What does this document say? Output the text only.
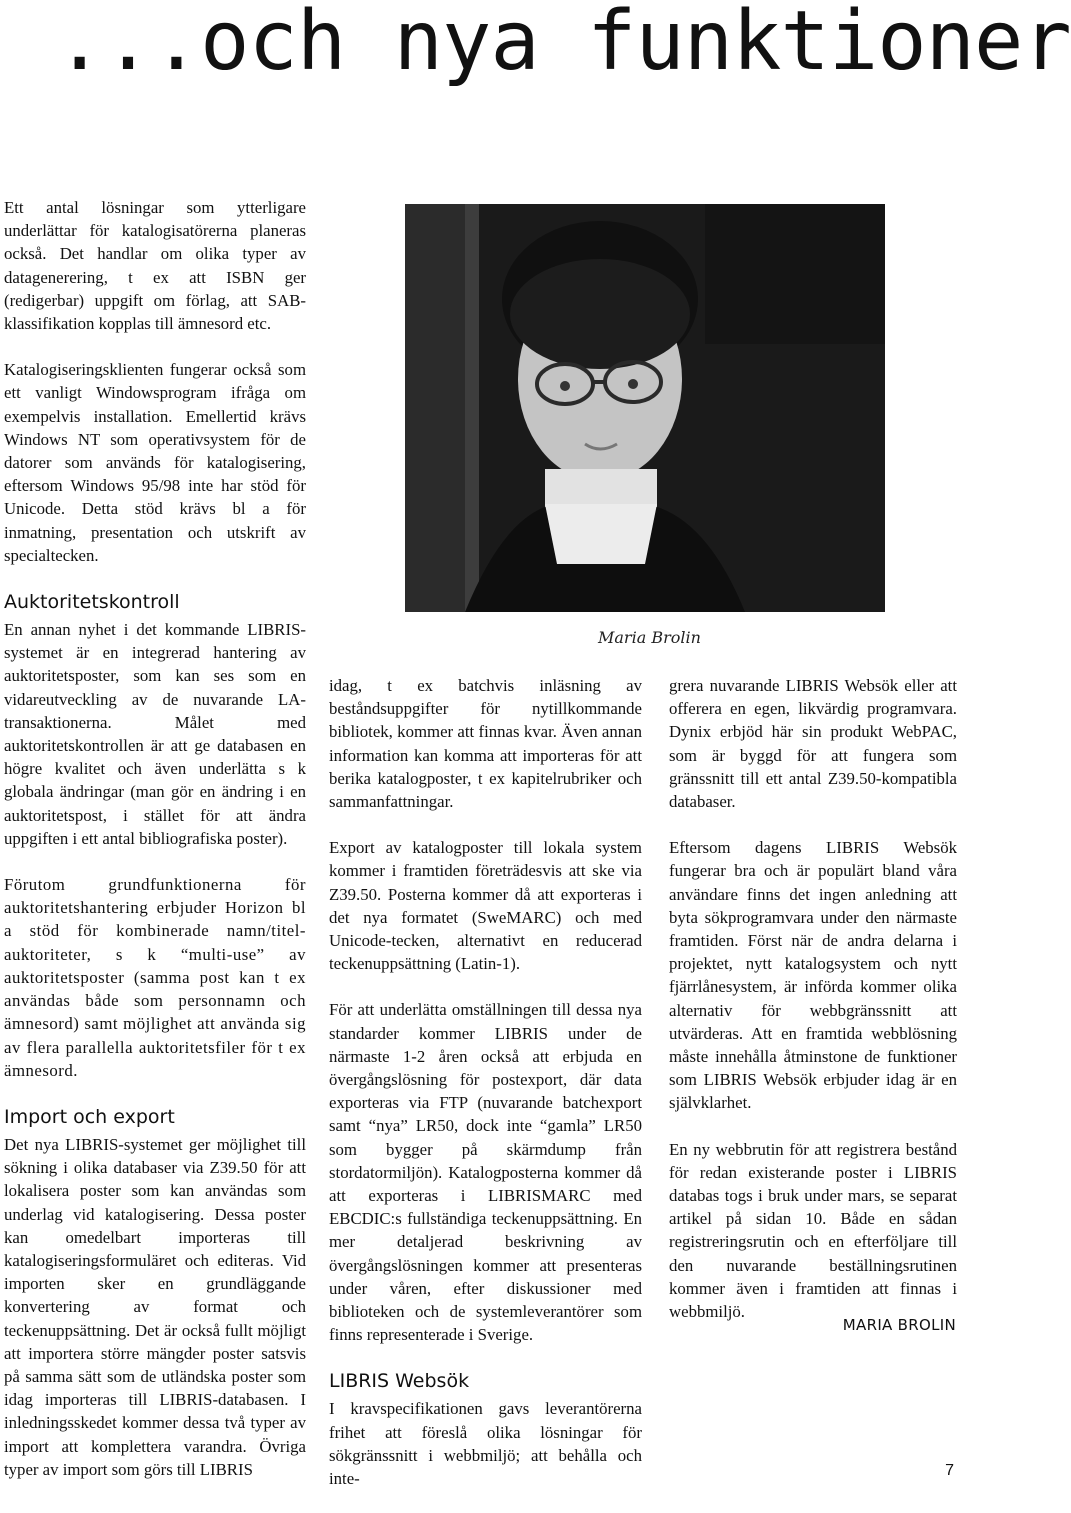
...och nya funktioner

Ett antal lösningar som ytterligare underlättar för katalogisatörerna planeras också. Det handlar om olika typer av datagenerering, t ex att ISBN ger (redigerbar) uppgift om förlag, att SAB-klassifikation kopplas till ämnesord etc.

Katalogiseringsklienten fungerar också som ett vanligt Windowsprogram ifråga om exempelvis installation. Emellertid krävs Windows NT som operativsystem för de datorer som används för katalogisering, eftersom Windows 95/98 inte har stöd för Unicode. Detta stöd krävs bl a för inmatning, presentation och utskrift av specialtecken.

Auktoritetskontroll

En annan nyhet i det kommande LIBRIS-systemet är en integrerad hantering av auktoritetsposter, som kan ses som en vidareutveckling av de nuvarande LA-transaktionerna. Målet med auktoritetskontrollen är att ge databasen en högre kvalitet och även underlätta s k globala ändringar (man gör en ändring i en auktoritetspost, i stället för att ändra uppgiften i ett antal bibliografiska poster).

Förutom grundfunktionerna för auktoritetshantering erbjuder Horizon bl a stöd för kombinerade namn/titel-auktoriteter, s k “multi-use” av auktoritetsposter (samma post kan t ex användas både som personnamn och ämnesord) samt möjlighet att använda sig av flera parallella auktoritetsfiler för t ex ämnesord.

Import och export

Det nya LIBRIS-systemet ger möjlighet till sökning i olika databaser via Z39.50 för att lokalisera poster som kan användas som underlag vid katalogisering. Dessa poster kan omedelbart importeras till katalogiseringsformuläret och editeras. Vid importen sker en grundläggande konvertering av format och teckenuppsättning. Det är också fullt möjligt att importera större mängder poster satsvis på samma sätt som de utländska poster som idag importeras till LIBRIS-databasen. I inledningsskedet kommer dessa två typer av import att komplettera varandra. Övriga typer av import som görs till LIBRIS

Maria Brolin

idag, t ex batchvis inläsning av beståndsuppgifter för nytillkommande bibliotek, kommer att finnas kvar. Även annan information kan komma att importeras för att berika katalogposter, t ex kapitelrubriker och sammanfattningar.

Export av katalogposter till lokala system kommer i framtiden företrädesvis att ske via Z39.50. Posterna kommer då att exporteras i det nya formatet (SweMARC) och med Unicode-tecken, alternativt en reducerad teckenuppsättning (Latin-1).

För att underlätta omställningen till dessa nya standarder kommer LIBRIS under de närmaste 1-2 åren också att erbjuda en övergångslösning för postexport, där data exporteras via FTP (nuvarande batchexport samt “nya” LR50, dock inte “gamla” LR50 som bygger på skärmdump från stordatormiljön). Katalogposterna kommer då att exporteras i LIBRISMARC med EBCDIC:s fullständiga teckenuppsättning. En mer detaljerad beskrivning av övergångslösningen kommer att presenteras under våren, efter diskussioner med biblioteken och de systemleverantörer som finns representerade i Sverige.

LIBRIS Websök

I kravspecifikationen gavs leverantörerna frihet att föreslå olika lösningar för sökgränssnitt i webbmiljö; att behålla och inte-

grera nuvarande LIBRIS Websök eller att offerera en egen, likvärdig programvara. Dynix erbjöd här sin produkt WebPAC, som är byggd för att fungera som gränssnitt till ett antal Z39.50-kompatibla databaser.

Eftersom dagens LIBRIS Websök fungerar bra och är populärt bland våra användare finns det ingen anledning att byta sökprogramvara under den närmaste framtiden. Först när de andra delarna i projektet, nytt katalogsystem och nytt fjärrlånesystem, är införda kommer olika alternativ för webbgränssnitt att utvärderas. Att en framtida webblösning måste innehålla åtminstone de funktioner som LIBRIS Websök erbjuder idag är en självklarhet.

En ny webbrutin för att registrera bestånd för redan existerande poster i LIBRIS databas togs i bruk under mars, se separat artikel på sidan 10. Både en sådan registreringsrutin och en efterföljare till den nuvarande beställningsrutinen kommer även i framtiden att finnas i webbmiljö.

MARIA BROLIN
7
